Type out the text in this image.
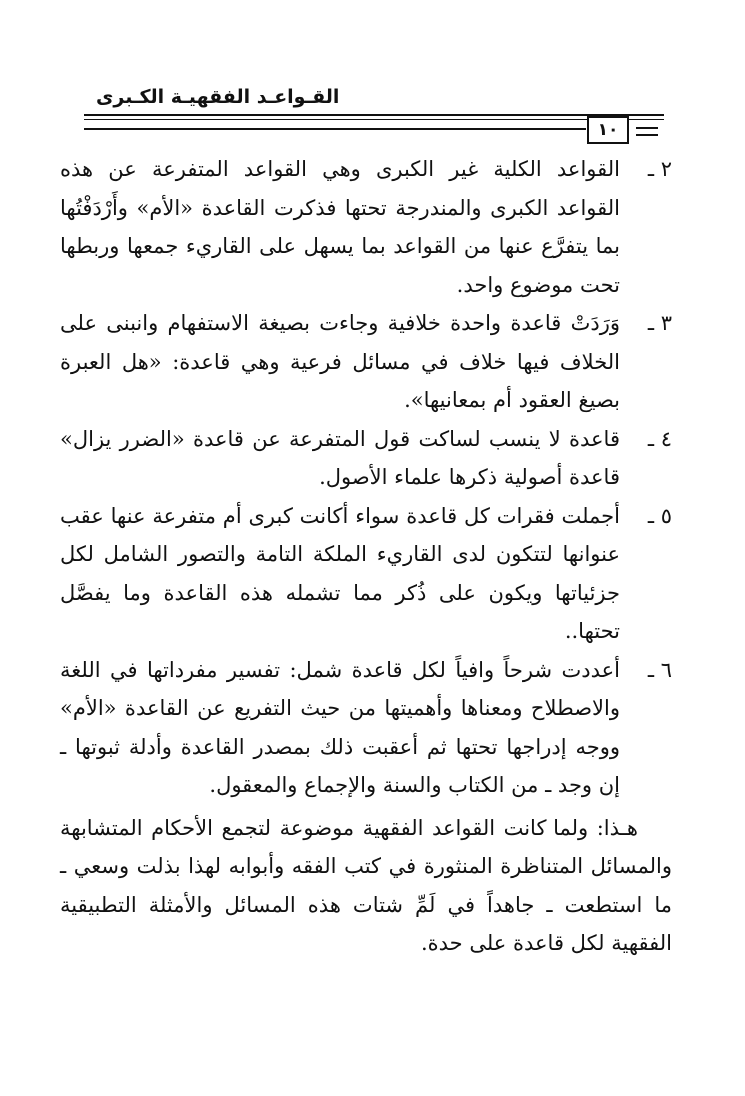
القـواعـد الفقهيـة الكـبرى
١٠
٢ ـ
القواعد الكلية غير الكبرى وهي القواعد المتفرعة عن هذه القواعد الكبرى والمندرجة تحتها فذكرت القاعدة «الأم» وأَرْدَفْتُها بما يتفرَّع عنها من القواعد بما يسهل على القاريء جمعها وربطها تحت موضوع واحد.
٣ ـ
وَرَدَتْ قاعدة واحدة خلافية وجاءت بصيغة الاستفهام وانبنى على الخلاف فيها خلاف في مسائل فرعية وهي قاعدة: «هل العبرة بصيغ العقود أم بمعانيها».
٤ ـ
قاعدة لا ينسب لساكت قول المتفرعة عن قاعدة «الضرر يزال» قاعدة أصولية ذكرها علماء الأصول.
٥ ـ
أجملت فقرات كل قاعدة سواء أكانت كبرى أم متفرعة عنها عقب عنوانها لتتكون لدى القاريء الملكة التامة والتصور الشامل لكل جزئياتها ويكون على ذُكر مما تشمله هذه القاعدة وما يفصَّل تحتها..
٦ ـ
أعددت شرحاً وافياً لكل قاعدة شمل: تفسير مفرداتها في اللغة والاصطلاح ومعناها وأهميتها من حيث التفريع عن القاعدة «الأم» ووجه إدراجها تحتها ثم أعقبت ذلك بمصدر القاعدة وأدلة ثبوتها ـ إن وجد ـ من الكتاب والسنة والإجماع والمعقول.
هـذا: ولما كانت القواعد الفقهية موضوعة لتجمع الأحكام المتشابهة والمسائل المتناظرة المنثورة في كتب الفقه وأبوابه لهذا بذلت وسعي ـ ما استطعت ـ جاهداً في لَمِّ شتات هذه المسائل والأمثلة التطبيقية الفقهية لكل قاعدة على حدة.
